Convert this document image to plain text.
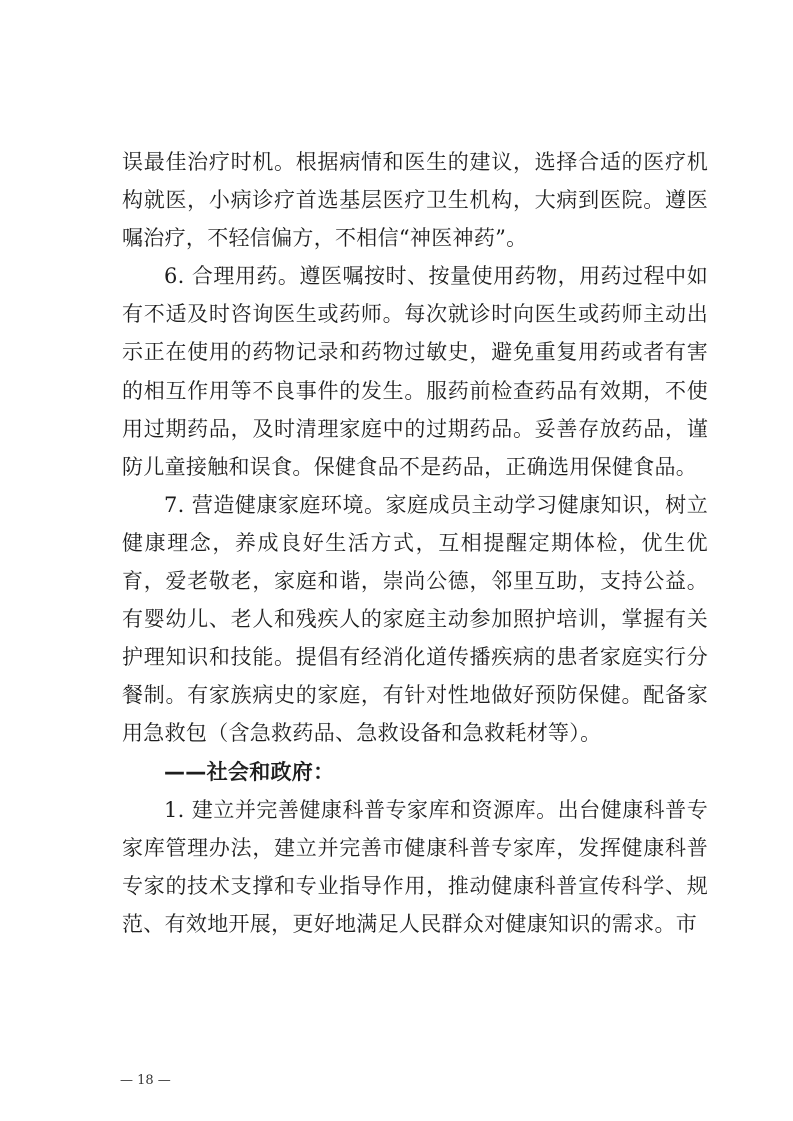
误最佳治疗时机。根据病情和医生的建议，选择合适的医疗机构就医，小病诊疗首选基层医疗卫生机构，大病到医院。遵医嘱治疗，不轻信偏方，不相信“神医神药”。

6. 合理用药。遵医嘱按时、按量使用药物，用药过程中如有不适及时咨询医生或药师。每次就诊时向医生或药师主动出示正在使用的药物记录和药物过敏史，避免重复用药或者有害的相互作用等不良事件的发生。服药前检查药品有效期，不使用过期药品，及时清理家庭中的过期药品。妥善存放药品，谨防儿童接触和误食。保健食品不是药品，正确选用保健食品。

7. 营造健康家庭环境。家庭成员主动学习健康知识，树立健康理念，养成良好生活方式，互相提醒定期体检，优生优育，爱老敬老，家庭和谐，崇尚公德，邻里互助，支持公益。有婴幼儿、老人和残疾人的家庭主动参加照护培训，掌握有关护理知识和技能。提倡有经消化道传播疾病的患者家庭实行分餐制。有家族病史的家庭，有针对性地做好预防保健。配备家用急救包（含急救药品、急救设备和急救耗材等）。

——社会和政府：

1. 建立并完善健康科普专家库和资源库。出台健康科普专家库管理办法，建立并完善市健康科普专家库，发挥健康科普专家的技术支撑和专业指导作用，推动健康科普宣传科学、规范、有效地开展，更好地满足人民群众对健康知识的需求。市

— 18 —
